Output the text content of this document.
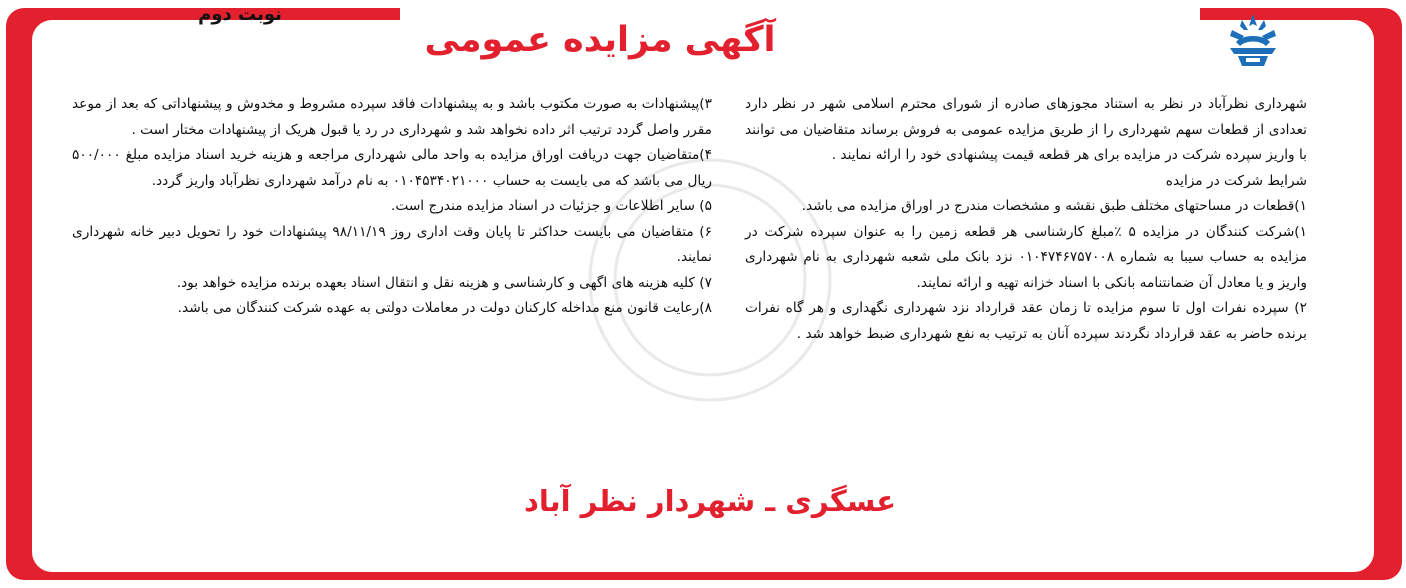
آگهی مزایده عمومی
نوبت دوم

شهرداری نظرآباد در نظر به استناد مجوزهای صادره از شورای محترم اسلامی شهر در نظر دارد تعدادی از قطعات سهم شهرداری را از طریق مزایده عمومی به فروش برساند متقاضیان می توانند با واریز سپرده شرکت در مزایده برای هر قطعه قیمت پیشنهادی خود را ارائه نمایند .

شرایط شرکت در مزایده

۱)قطعات در مساحتهای مختلف طبق نقشه و مشخصات مندرج در اوراق مزایده می باشد.

۱)شرکت کنندگان در مزایده ۵ ٪مبلغ کارشناسی هر قطعه زمین را به عنوان سپرده شرکت در مزایده به حساب سیبا به شماره ۰۱۰۴۷۴۶۷۵۷۰۰۸ نزد بانک ملی شعبه شهرداری به نام شهرداری واریز و یا معادل آن ضمانتنامه بانکی با اسناد خزانه تهیه و ارائه نمایند.

۲) سپرده نفرات اول تا سوم مزایده تا زمان عقد قرارداد نزد شهرداری نگهداری و هر گاه نفرات برنده حاضر به عقد قرارداد نگردند سپرده آنان به ترتیب به نفع شهرداری ضبط خواهد شد .

۳)پیشنهادات به صورت مکتوب باشد و به پیشنهادات فاقد سپرده مشروط و مخدوش و پیشنهاداتی که بعد از موعد مقرر واصل گردد ترتیب اثر داده نخواهد شد و شهرداری در رد یا قبول هریک از پیشنهادات مختار است .

۴)متقاضیان جهت دریافت اوراق مزایده به واحد مالی شهرداری مراجعه و هزینه خرید اسناد مزایده مبلغ ۵۰۰/۰۰۰ ریال می باشد که می بایست به حساب ۰۱۰۴۵۳۴۰۲۱۰۰۰ به نام درآمد شهرداری نظرآباد واریز گردد.

۵) سایر اطلاعات و جزئیات در اسناد مزایده مندرج است.

۶) متقاضیان می بایست حداکثر تا پایان وقت اداری روز ۹۸/۱۱/۱۹ پیشنهادات خود را تحویل دبیر خانه شهرداری نمایند.

۷) کلیه هزینه های اگهی و کارشناسی و هزینه نقل و انتقال اسناد بعهده برنده مزایده خواهد بود.

۸)رعایت قانون منع مداخله کارکنان دولت در معاملات دولتی به عهده شرکت کنندگان می باشد.

عسگری ـ شهردار نظر آباد
